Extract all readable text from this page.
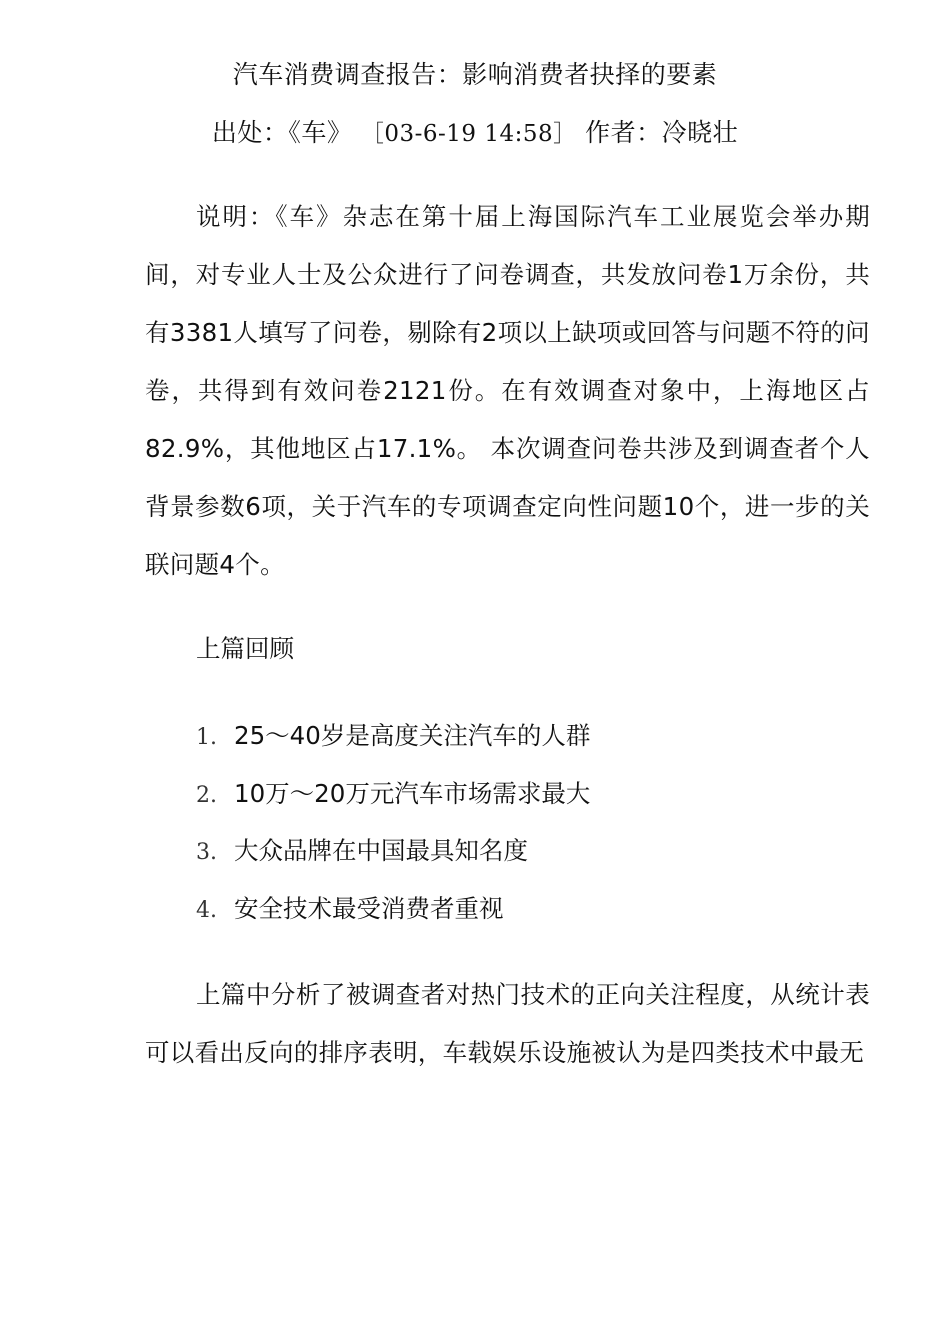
汽车消费调查报告：影响消费者抉择的要素
出处：《车》 ［03-6-19 14:58］ 作者：冷晓壮

说明：《车》杂志在第十届上海国际汽车工业展览会举办期间，对专业人士及公众进行了问卷调查，共发放问卷1万余份，共有3381人填写了问卷，剔除有2项以上缺项或回答与问题不符的问卷，共得到有效问卷2121份。在有效调查对象中，上海地区占82.9%，其他地区占17.1%。 本次调查问卷共涉及到调查者个人背景参数6项，关于汽车的专项调查定向性问题10个，进一步的关联问题4个。

上篇回顾
1. 25～40岁是高度关注汽车的人群
2. 10万～20万元汽车市场需求最大
3. 大众品牌在中国最具知名度
4. 安全技术最受消费者重视

上篇中分析了被调查者对热门技术的正向关注程度，从统计表可以看出反向的排序表明，车载娱乐设施被认为是四类技术中最无
